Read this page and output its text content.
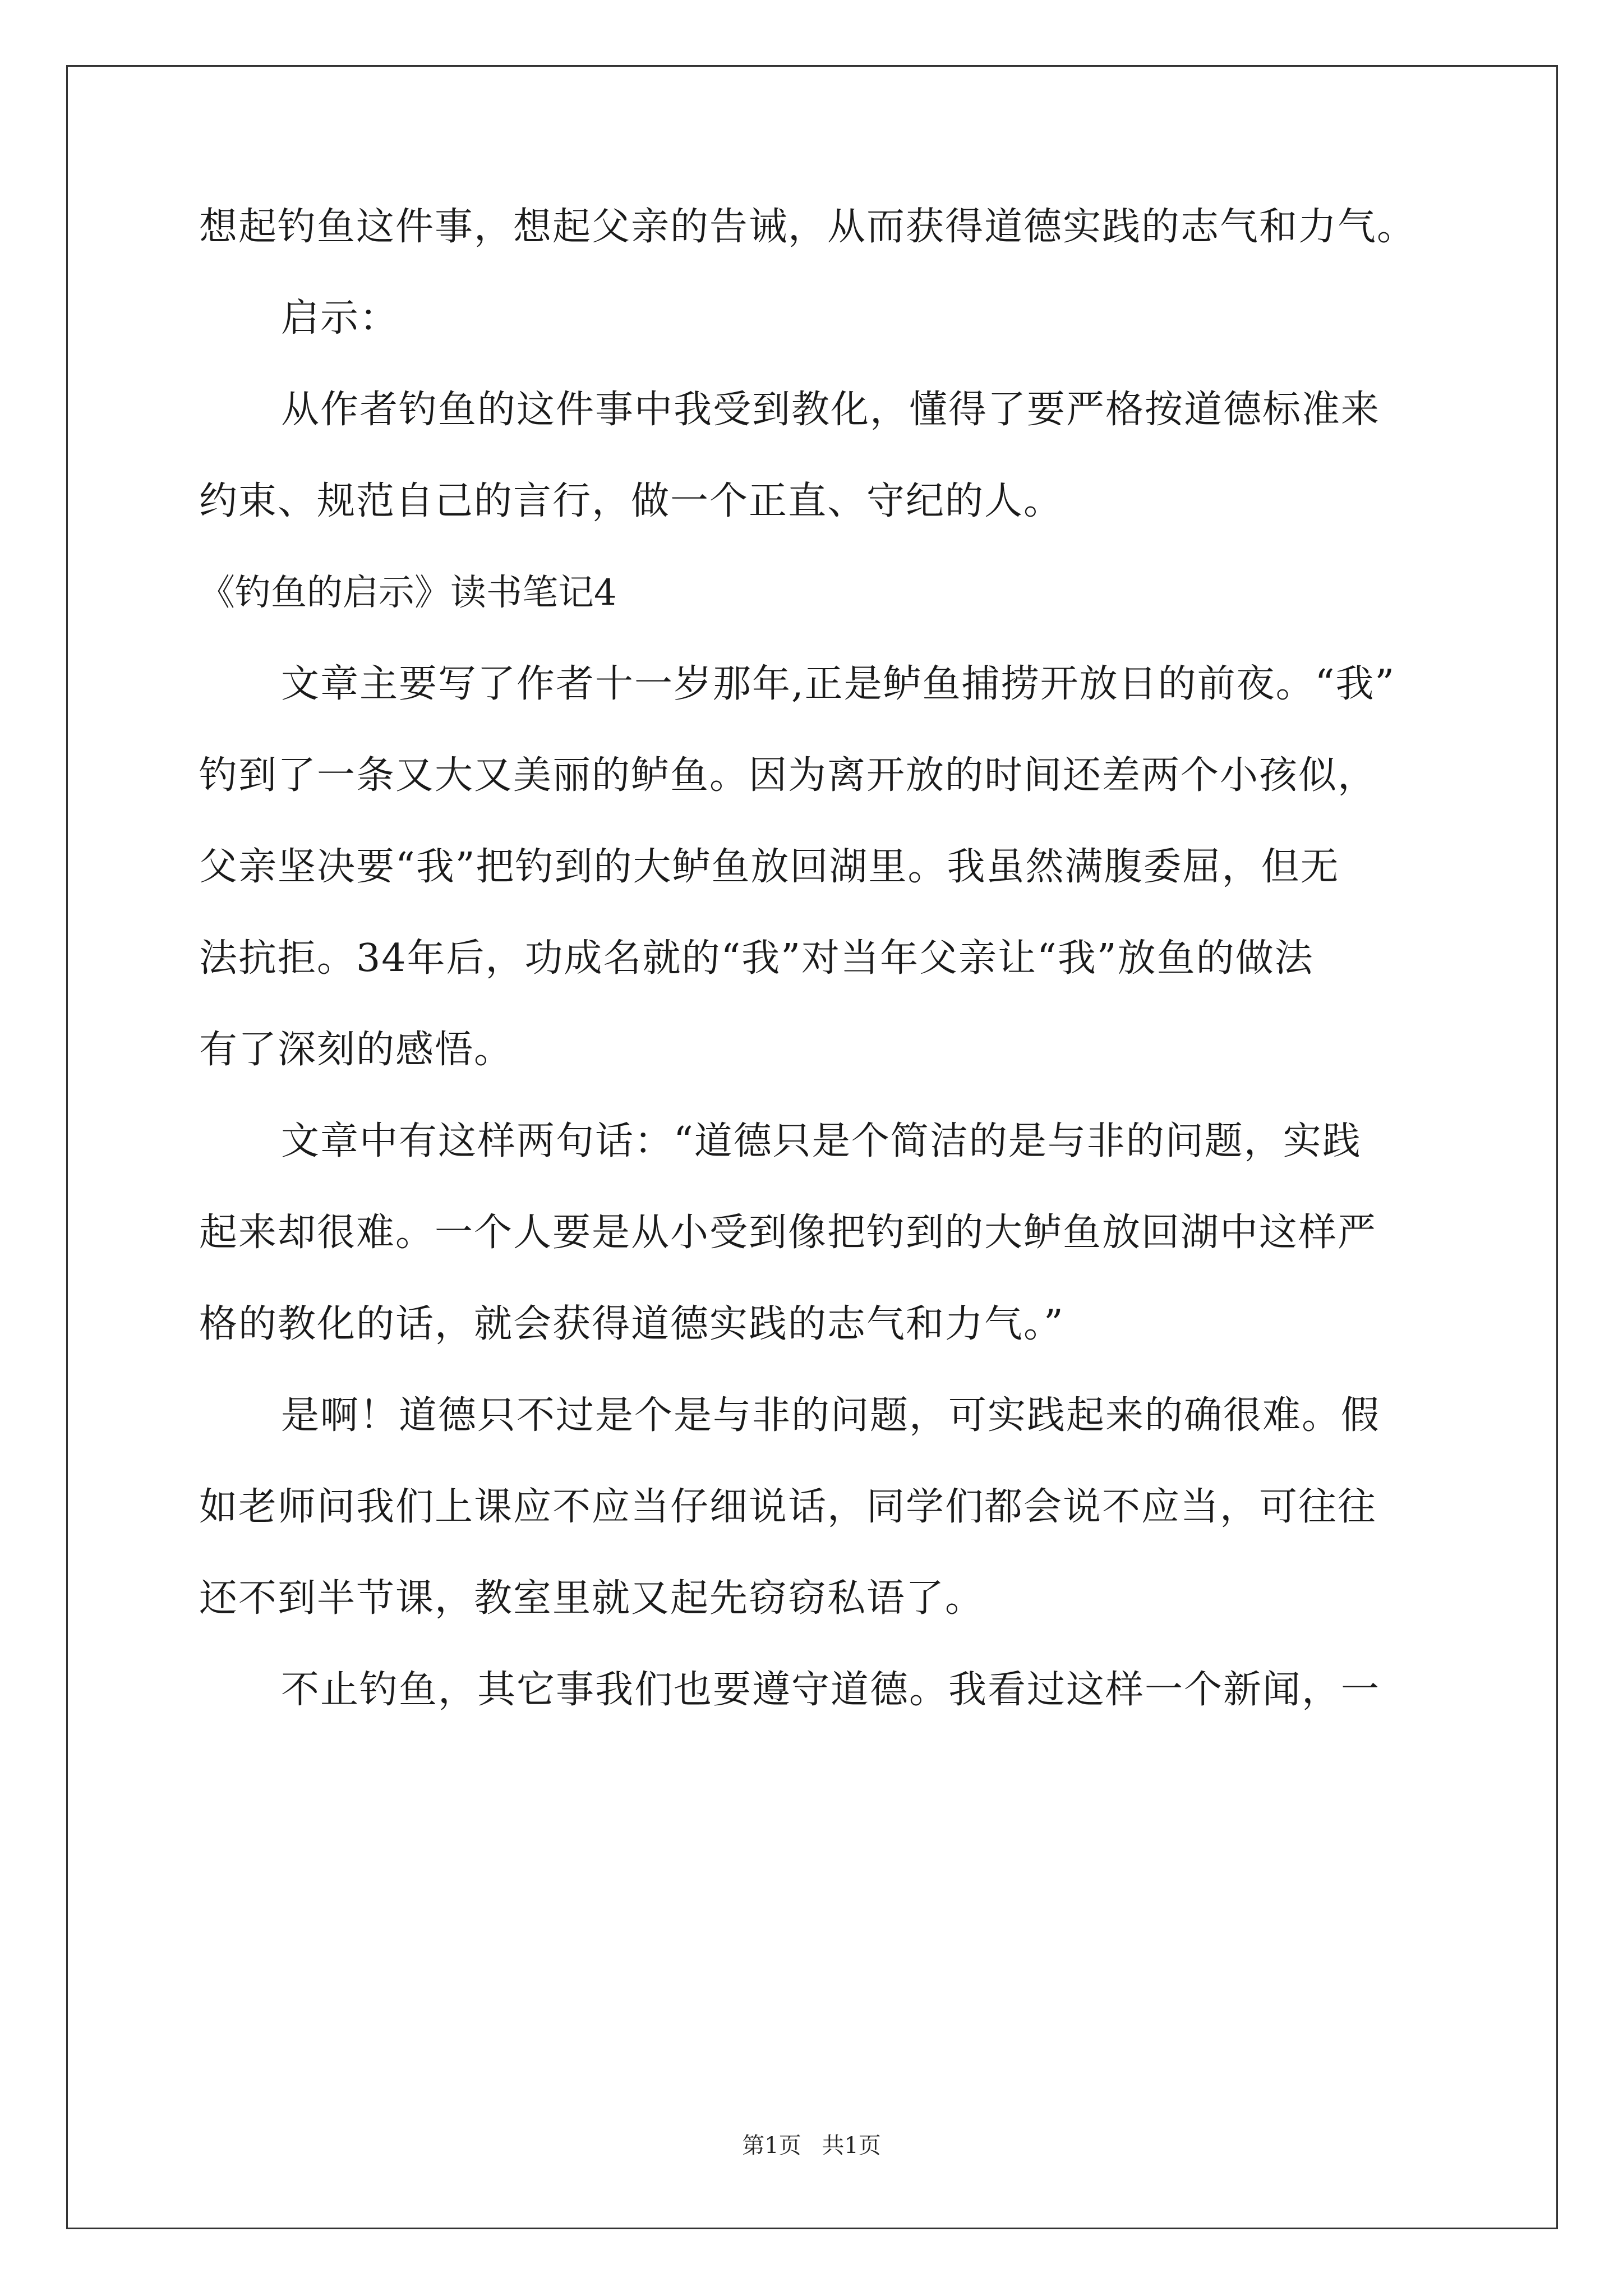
想起钓鱼这件事，想起父亲的告诫，从而获得道德实践的志气和力气。
启示：
从作者钓鱼的这件事中我受到教化，懂得了要严格按道德标准来
约束、规范自己的言行，做一个正直、守纪的人。
《钓鱼的启示》读书笔记4
文章主要写了作者十一岁那年,正是鲈鱼捕捞开放日的前夜。“我”
钓到了一条又大又美丽的鲈鱼。因为离开放的时间还差两个小孩似，
父亲坚决要“我”把钓到的大鲈鱼放回湖里。我虽然满腹委屈，但无
法抗拒。34年后，功成名就的“我”对当年父亲让“我”放鱼的做法
有了深刻的感悟。
文章中有这样两句话：“道德只是个简洁的是与非的问题，实践
起来却很难。一个人要是从小受到像把钓到的大鲈鱼放回湖中这样严
格的教化的话，就会获得道德实践的志气和力气。”
是啊！道德只不过是个是与非的问题，可实践起来的确很难。假
如老师问我们上课应不应当仔细说话，同学们都会说不应当，可往往
还不到半节课，教室里就又起先窃窃私语了。
不止钓鱼，其它事我们也要遵守道德。我看过这样一个新闻，一
第1页 共1页
